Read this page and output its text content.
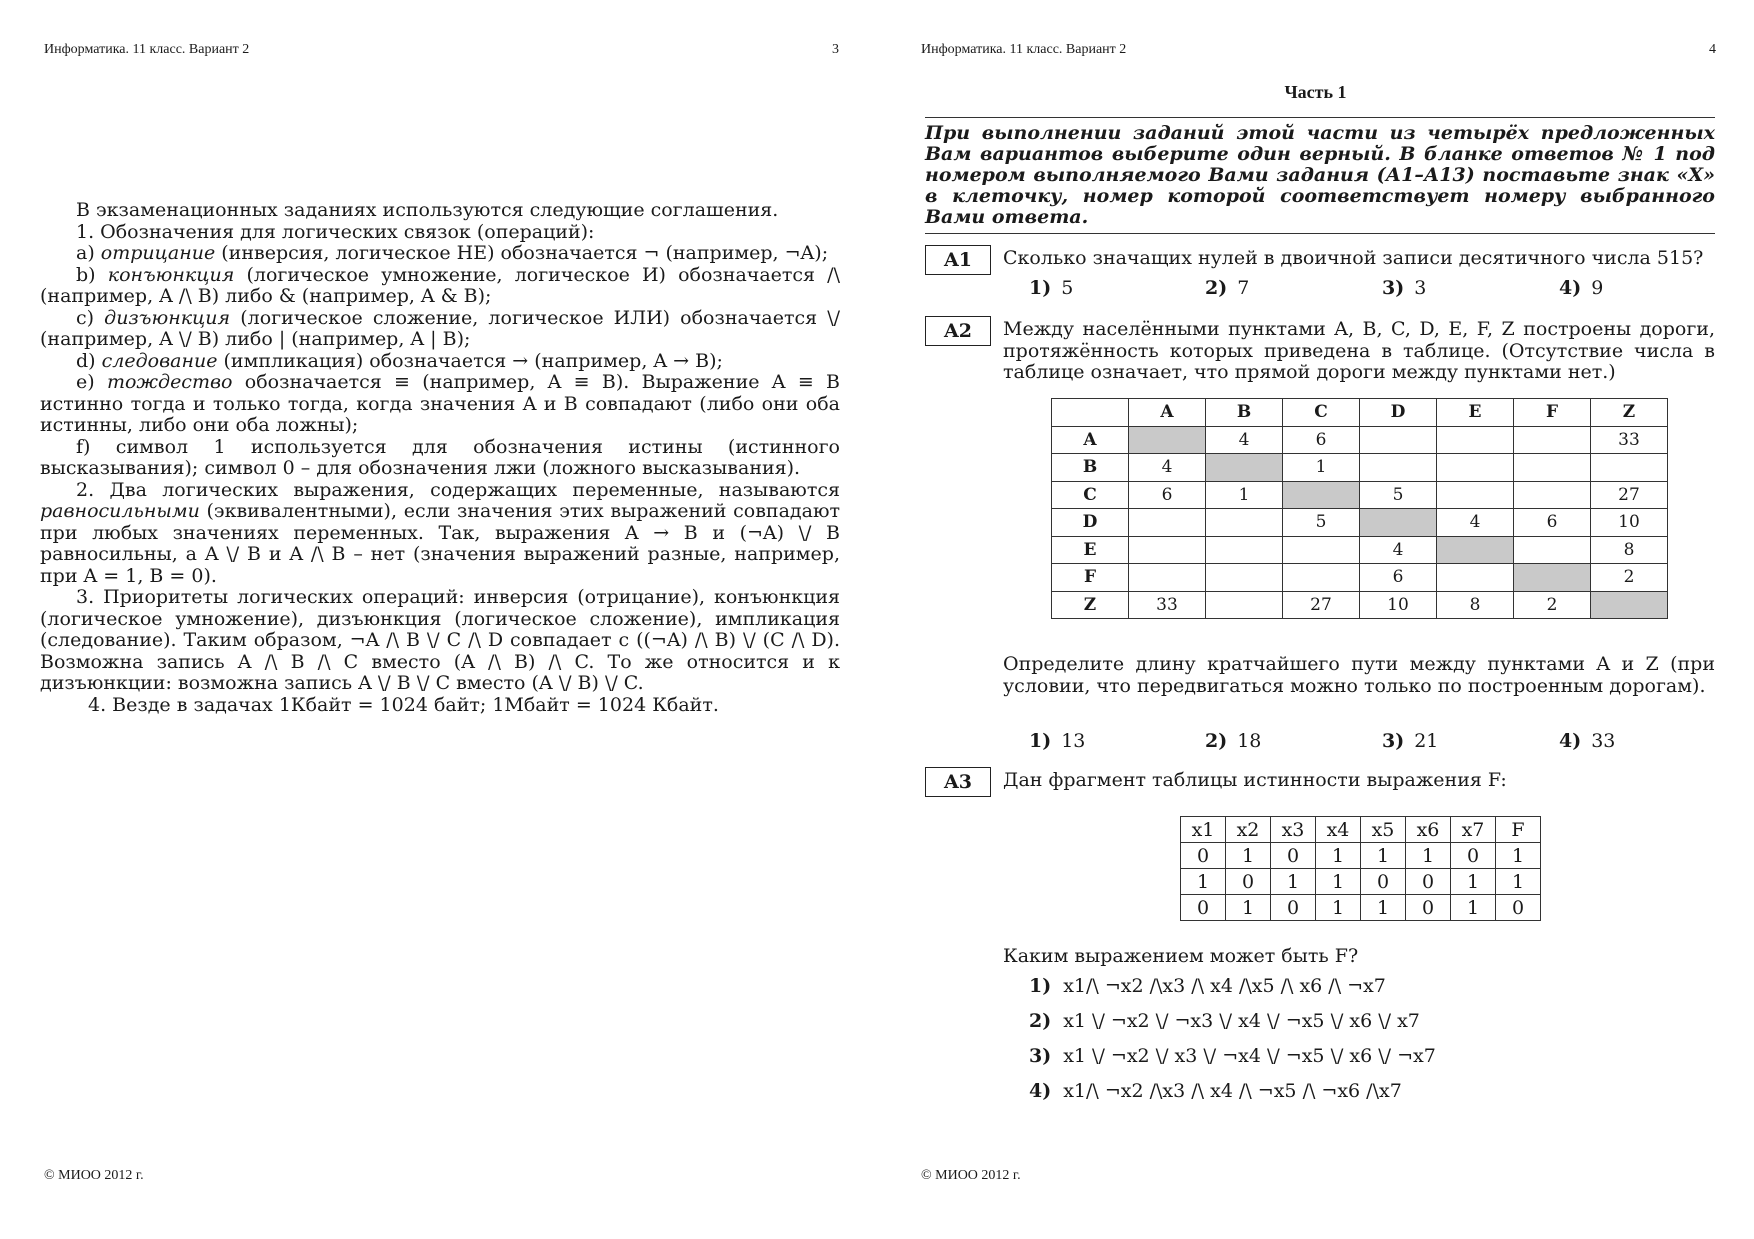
Информатика. 11 класс. Вариант 2	3

В экзаменационных заданиях используются следующие соглашения.

1. Обозначения для логических связок (операций):

a) отрицание (инверсия, логическое НЕ) обозначается ¬ (например, ¬A);

b) конъюнкция (логическое умножение, логическое И) обозначается /\ (например, A /\ B) либо & (например, A & B);

c) дизъюнкция (логическое сложение, логическое ИЛИ) обозначается \/ (например, A \/ B) либо | (например, A | B);

d) следование (импликация) обозначается → (например, A → B);

e) тождество обозначается ≡ (например, A ≡ B). Выражение A ≡ B истинно тогда и только тогда, когда значения A и B совпадают (либо они оба истинны, либо они оба ложны);

f) символ 1 используется для обозначения истины (истинного высказывания); символ 0 – для обозначения лжи (ложного высказывания).

2. Два логических выражения, содержащих переменные, называются равносильными (эквивалентными), если значения этих выражений совпадают при любых значениях переменных. Так, выражения A → B и (¬A) \/ B равносильны, а A \/ B и A /\ B – нет (значения выражений разные, например, при A = 1, B = 0).

3. Приоритеты логических операций: инверсия (отрицание), конъюнкция (логическое умножение), дизъюнкция (логическое сложение), импликация (следование). Таким образом, ¬A /\ B \/ C /\ D совпадает с ((¬A) /\ B) \/ (C /\ D). Возможна запись A /\ B /\ C вместо (A /\ B) /\ C. То же относится и к дизъюнкции: возможна запись A \/ B \/ C вместо (A \/ B) \/ C.

4. Везде в задачах 1Кбайт = 1024 байт; 1Мбайт = 1024 Кбайт.

© МИОО 2012 г.
Информатика. 11 класс. Вариант 2	4
Часть 1
При выполнении заданий этой части из четырёх предложенных Вам вариантов выберите один верный. В бланке ответов № 1 под номером выполняемого Вами задания (А1–А13) поставьте знак «X» в клеточку, номер которой соответствует номеру выбранного Вами ответа.
A1	Сколько значащих нулей в двоичной записи десятичного числа 515?
1) 5	2) 7	3) 3	4) 9
A2	Между населёнными пунктами A, B, C, D, E, F, Z построены дороги, протяжённость которых приведена в таблице. (Отсутствие числа в таблице означает, что прямой дороги между пунктами нет.)
	A	B	C	D	E	F	Z
A		4	6				33
B	4		1				
C	6	1		5			27
D			5		4	6	10
E				4			8
F				6			2
Z	33		27	10	8	2	
Определите длину кратчайшего пути между пунктами A и Z (при условии, что передвигаться можно только по построенным дорогам).
1) 13	2) 18	3) 21	4) 33
A3	Дан фрагмент таблицы истинности выражения F:
x1	x2	x3	x4	x5	x6	x7	F
0	1	0	1	1	1	0	1
1	0	1	1	0	0	1	1
0	1	0	1	1	0	1	0
Каким выражением может быть F?
1) x1/\ ¬x2 /\x3 /\ x4 /\x5 /\ x6 /\ ¬x7
2) x1 \/ ¬x2 \/ ¬x3 \/ x4 \/ ¬x5 \/ x6 \/ x7
3) x1 \/ ¬x2 \/ x3 \/ ¬x4 \/ ¬x5 \/ x6 \/ ¬x7
4) x1/\ ¬x2 /\x3 /\ x4 /\ ¬x5 /\ ¬x6 /\x7
© МИОО 2012 г.
